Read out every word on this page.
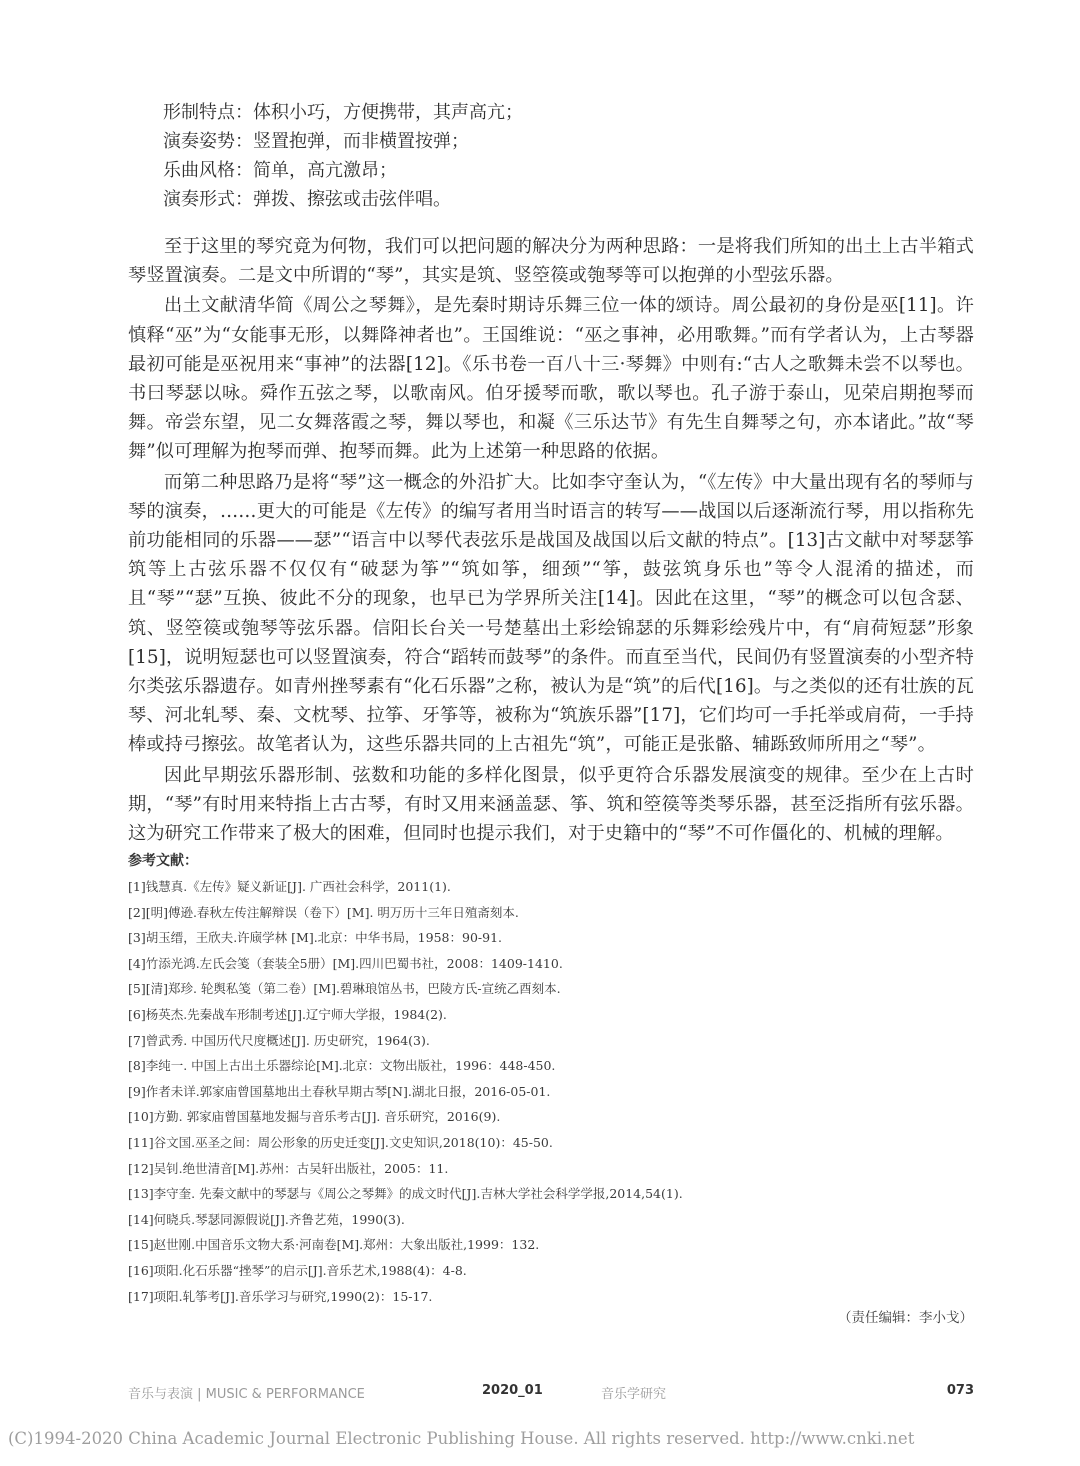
形制特点：体积小巧，方便携带，其声高亢；
演奏姿势：竖置抱弹，而非横置按弹；
乐曲风格：简单，高亢激昂；
演奏形式：弹拨、擦弦或击弦伴唱。

至于这里的琴究竟为何物，我们可以把问题的解决分为两种思路：一是将我们所知的出土上古半箱式琴竖置演奏。二是文中所谓的“琴”，其实是筑、竖箜篌或匏琴等可以抱弹的小型弦乐器。

出土文献清华简《周公之琴舞》，是先秦时期诗乐舞三位一体的颂诗。周公最初的身份是巫[11]。许慎释“巫”为“女能事无形，以舞降神者也”。王国维说：“巫之事神，必用歌舞。”而有学者认为，上古琴器最初可能是巫祝用来“事神”的法器[12]。《乐书卷一百八十三·琴舞》中则有:“古人之歌舞未尝不以琴也。书曰琴瑟以咏。舜作五弦之琴，以歌南风。伯牙援琴而歌，歌以琴也。孔子游于泰山，见荣启期抱琴而舞。帝尝东望，见二女舞落霞之琴，舞以琴也，和凝《三乐达节》有先生自舞琴之句，亦本诸此。”故“琴舞”似可理解为抱琴而弹、抱琴而舞。此为上述第一种思路的依据。

而第二种思路乃是将“琴”这一概念的外沿扩大。比如李守奎认为，“《左传》中大量出现有名的琴师与琴的演奏，……更大的可能是《左传》的编写者用当时语言的转写——战国以后逐渐流行琴，用以指称先前功能相同的乐器——瑟”“语言中以琴代表弦乐是战国及战国以后文献的特点”。[13]古文献中对琴瑟筝筑等上古弦乐器不仅仅有“破瑟为筝”“筑如筝，细颈”“筝，鼓弦筑身乐也”等令人混淆的描述，而且“琴”“瑟”互换、彼此不分的现象，也早已为学界所关注[14]。因此在这里，“琴”的概念可以包含瑟、筑、竖箜篌或匏琴等弦乐器。信阳长台关一号楚墓出土彩绘锦瑟的乐舞彩绘残片中，有“肩荷短瑟”形象[15]，说明短瑟也可以竖置演奏，符合“蹈转而鼓琴”的条件。而直至当代，民间仍有竖置演奏的小型齐特尔类弦乐器遗存。如青州挫琴素有“化石乐器”之称，被认为是“筑”的后代[16]。与之类似的还有壮族的瓦琴、河北轧琴、秦、文枕琴、拉筝、牙筝等，被称为“筑族乐器”[17]，它们均可一手托举或肩荷，一手持棒或持弓擦弦。故笔者认为，这些乐器共同的上古祖先“筑”，可能正是张骼、辅跞致师所用之“琴”。

因此早期弦乐器形制、弦数和功能的多样化图景，似乎更符合乐器发展演变的规律。至少在上古时期，“琴”有时用来特指上古古琴，有时又用来涵盖瑟、筝、筑和箜篌等类琴乐器，甚至泛指所有弦乐器。这为研究工作带来了极大的困难，但同时也提示我们，对于史籍中的“琴”不可作僵化的、机械的理解。

参考文献：
[1]钱慧真.《左传》疑义新证[J]. 广西社会科学，2011(1).
[2][明]傅逊.春秋左传注解辩误（卷下）[M]. 明万历十三年日殖斋刻本.
[3]胡玉缙，王欣夫.许庼学林 [M].北京：中华书局，1958：90-91.
[4]竹添光鸿.左氏会笺（套装全5册）[M].四川巴蜀书社，2008：1409-1410.
[5][清]郑珍. 轮舆私笺（第二卷）[M].碧琳琅馆丛书，巴陵方氏-宣统乙酉刻本.
[6]杨英杰.先秦战车形制考述[J].辽宁师大学报，1984(2).
[7]曾武秀. 中国历代尺度概述[J]. 历史研究，1964(3).
[8]李纯一. 中国上古出土乐器综论[M].北京：文物出版社，1996：448-450.
[9]作者未详.郭家庙曾国墓地出土春秋早期古琴[N].湖北日报，2016-05-01.
[10]方勤. 郭家庙曾国墓地发掘与音乐考古[J]. 音乐研究，2016(9).
[11]谷文国.巫圣之间：周公形象的历史迁变[J].文史知识,2018(10)：45-50.
[12]吴钊.绝世清音[M].苏州：古吴轩出版社，2005：11.
[13]李守奎. 先秦文献中的琴瑟与《周公之琴舞》的成文时代[J].吉林大学社会科学学报,2014,54(1).
[14]何晓兵.琴瑟同源假说[J].齐鲁艺苑，1990(3).
[15]赵世刚.中国音乐文物大系·河南卷[M].郑州：大象出版社,1999：132.
[16]项阳.化石乐器“挫琴”的启示[J].音乐艺术,1988(4)：4-8.
[17]项阳.轧筝考[J].音乐学习与研究,1990(2)：15-17.
（责任编辑：李小戈）
音乐与表演 | MUSIC & PERFORMANCE	2020_01	音乐学研究	073
(C)1994-2020 China Academic Journal Electronic Publishing House. All rights reserved. http://www.cnki.net
